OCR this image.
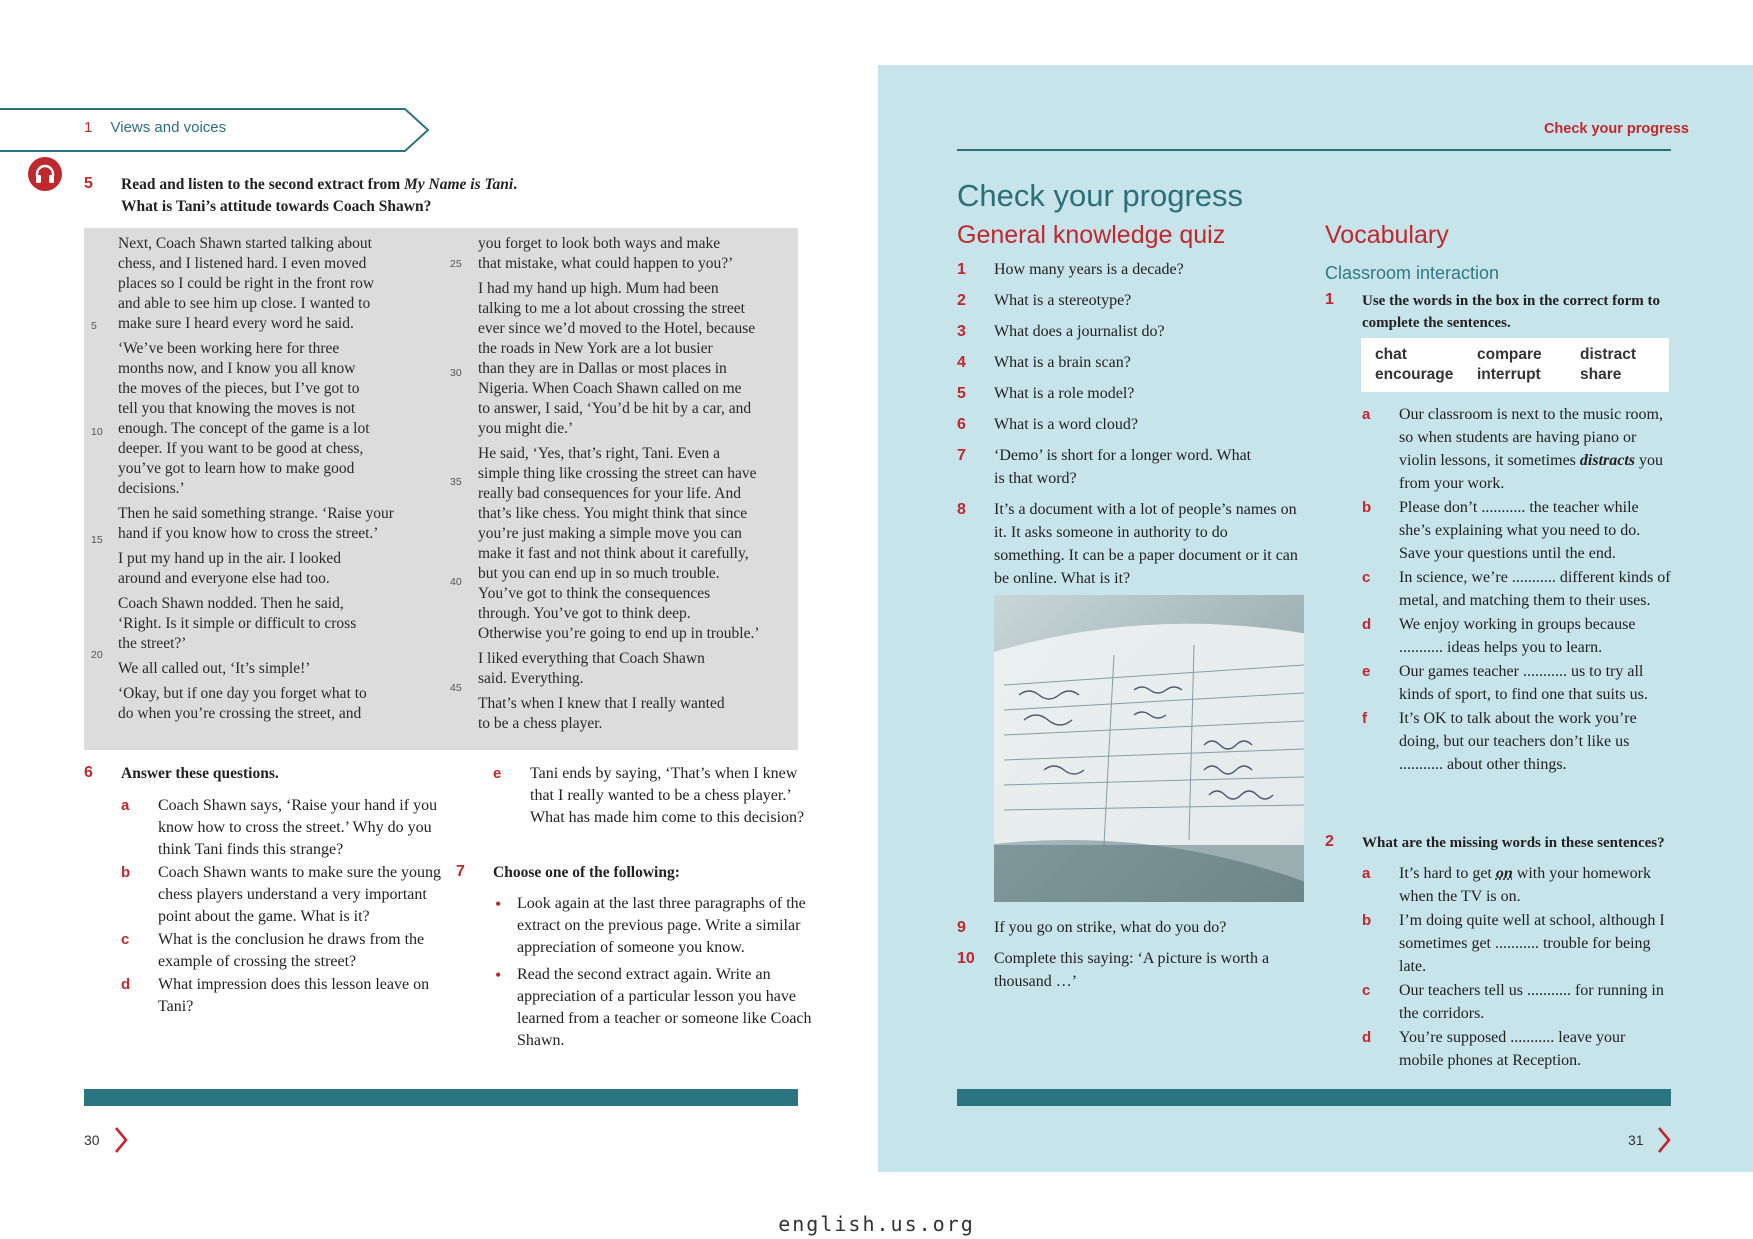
1 Views and voices
5 Read and listen to the second extract from My Name is Tani.
What is Tani’s attitude towards Coach Shawn?

Next, Coach Shawn started talking about
chess, and I listened hard. I even moved
places so I could be right in the front row
and able to see him up close. I wanted to
make sure I heard every word he said.

‘We’ve been working here for three
months now, and I know you all know
the moves of the pieces, but I’ve got to
tell you that knowing the moves is not
enough. The concept of the game is a lot
deeper. If you want to be good at chess,
you’ve got to learn how to make good
decisions.’

Then he said something strange. ‘Raise your
hand if you know how to cross the street.’

I put my hand up in the air. I looked
around and everyone else had too.

Coach Shawn nodded. Then he said,
‘Right. Is it simple or difficult to cross
the street?’

We all called out, ‘It’s simple!’

‘Okay, but if one day you forget what to
do when you’re crossing the street, and

you forget to look both ways and make
that mistake, what could happen to you?’

I had my hand up high. Mum had been
talking to me a lot about crossing the street
ever since we’d moved to the Hotel, because
the roads in New York are a lot busier
than they are in Dallas or most places in
Nigeria. When Coach Shawn called on me
to answer, I said, ‘You’d be hit by a car, and
you might die.’

He said, ‘Yes, that’s right, Tani. Even a
simple thing like crossing the street can have
really bad consequences for your life. And
that’s like chess. You might think that since
you’re just making a simple move you can
make it fast and not think about it carefully,
but you can end up in so much trouble.
You’ve got to think the consequences
through. You’ve got to think deep.
Otherwise you’re going to end up in trouble.’

I liked everything that Coach Shawn
said. Everything.

That’s when I knew that I really wanted
to be a chess player.

5
10
15
20
25
30
35
40
45
6 Answer these questions.
a Coach Shawn says, ‘Raise your hand if you know how to cross the street.’ Why do you think Tani finds this strange?
b Coach Shawn wants to make sure the young chess players understand a very important point about the game. What is it?
c What is the conclusion he draws from the example of crossing the street?
d What impression does this lesson leave on Tani?
e Tani ends by saying, ‘That’s when I knew that I really wanted to be a chess player.’ What has made him come to this decision?
7 Choose one of the following:
• Look again at the last three paragraphs of the extract on the previous page. Write a similar appreciation of someone you know.
• Read the second extract again. Write an appreciation of a particular lesson you have learned from a teacher or someone like Coach Shawn.
30
Check your progress
Check your progress
General knowledge quiz
1 How many years is a decade?
2 What is a stereotype?
3 What does a journalist do?
4 What is a brain scan?
5 What is a role model?
6 What is a word cloud?
7 ‘Demo’ is short for a longer word. What is that word?
8 It’s a document with a lot of people’s names on it. It asks someone in authority to do something. It can be a paper document or it can be online. What is it?
9 If you go on strike, what do you do?
10 Complete this saying: ‘A picture is worth a thousand …’
Vocabulary
Classroom interaction
1 Use the words in the box in the correct form to complete the sentences.
chat	compare distract
encourage interrupt	share
a Our classroom is next to the music room, so when students are having piano or violin lessons, it sometimes distracts you from your work.
b Please don’t ........... the teacher while she’s explaining what you need to do. Save your questions until the end.
c In science, we’re ........... different kinds of metal, and matching them to their uses.
d We enjoy working in groups because ........... ideas helps you to learn.
e Our games teacher ........... us to try all kinds of sport, to find one that suits us.
f It’s OK to talk about the work you’re doing, but our teachers don’t like us ........... about other things.
2 What are the missing words in these sentences?
a It’s hard to get on with your homework when the TV is on.
b I’m doing quite well at school, although I sometimes get ........... trouble for being late.
c Our teachers tell us ........... for running in the corridors.
d You’re supposed ........... leave your mobile phones at Reception.
31
english.us.org
